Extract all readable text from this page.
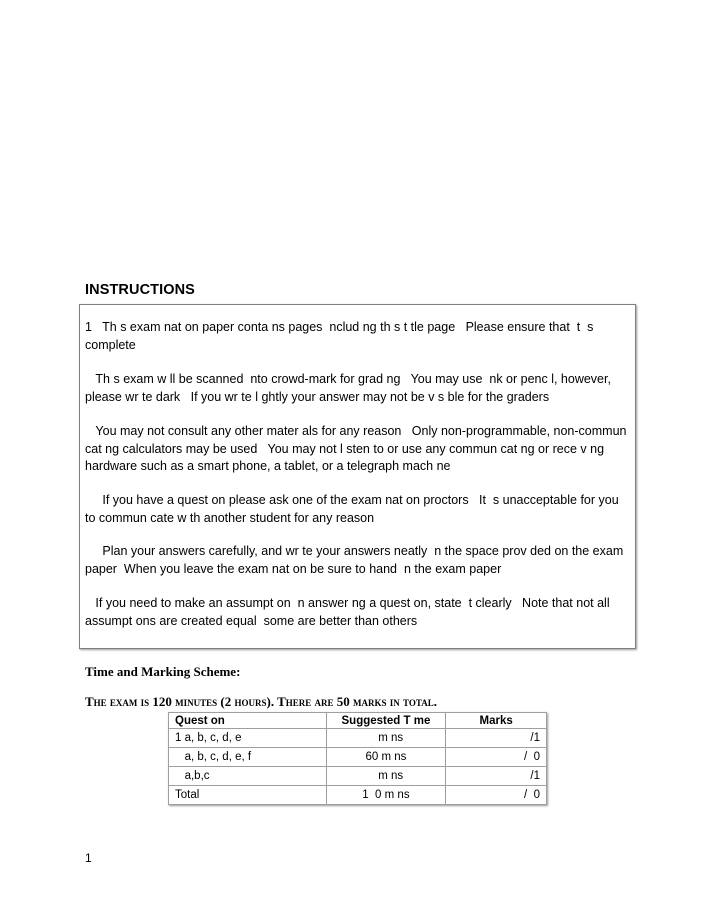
INSTRUCTIONS
1   Th s exam nat on paper conta ns pages  nclud ng th s t tle page   Please ensure that  t  s complete
Th s exam w ll be scanned  nto crowd-mark for grad ng   You may use  nk or penc l, however, please wr te dark   If you wr te l ghtly your answer may not be v s ble for the graders
You may not consult any other mater als for any reason   Only non-programmable, non-commun cat ng calculators may be used   You may not l sten to or use any commun cat ng or rece v ng hardware such as a smart phone, a tablet, or a telegraph mach ne
If you have a quest on please ask one of the exam nat on proctors   It  s unacceptable for you to commun cate w th another student for any reason
Plan your answers carefully, and wr te your answers neatly  n the space prov ded on the exam paper  When you leave the exam nat on be sure to hand  n the exam paper
If you need to make an assumpt on  n answer ng a quest on, state  t clearly   Note that not all assumpt ons are created equal  some are better than others
Time and Marking Scheme:
The exam is 120 minutes (2 hours). There are 50 marks in total.
Quest on	Suggested T me	Marks
1 a, b, c, d, e	m ns	/1
a, b, c, d, e, f	60 m ns	/  0
a,b,c	m ns	/1
Total	1  0 m ns	/  0
1
